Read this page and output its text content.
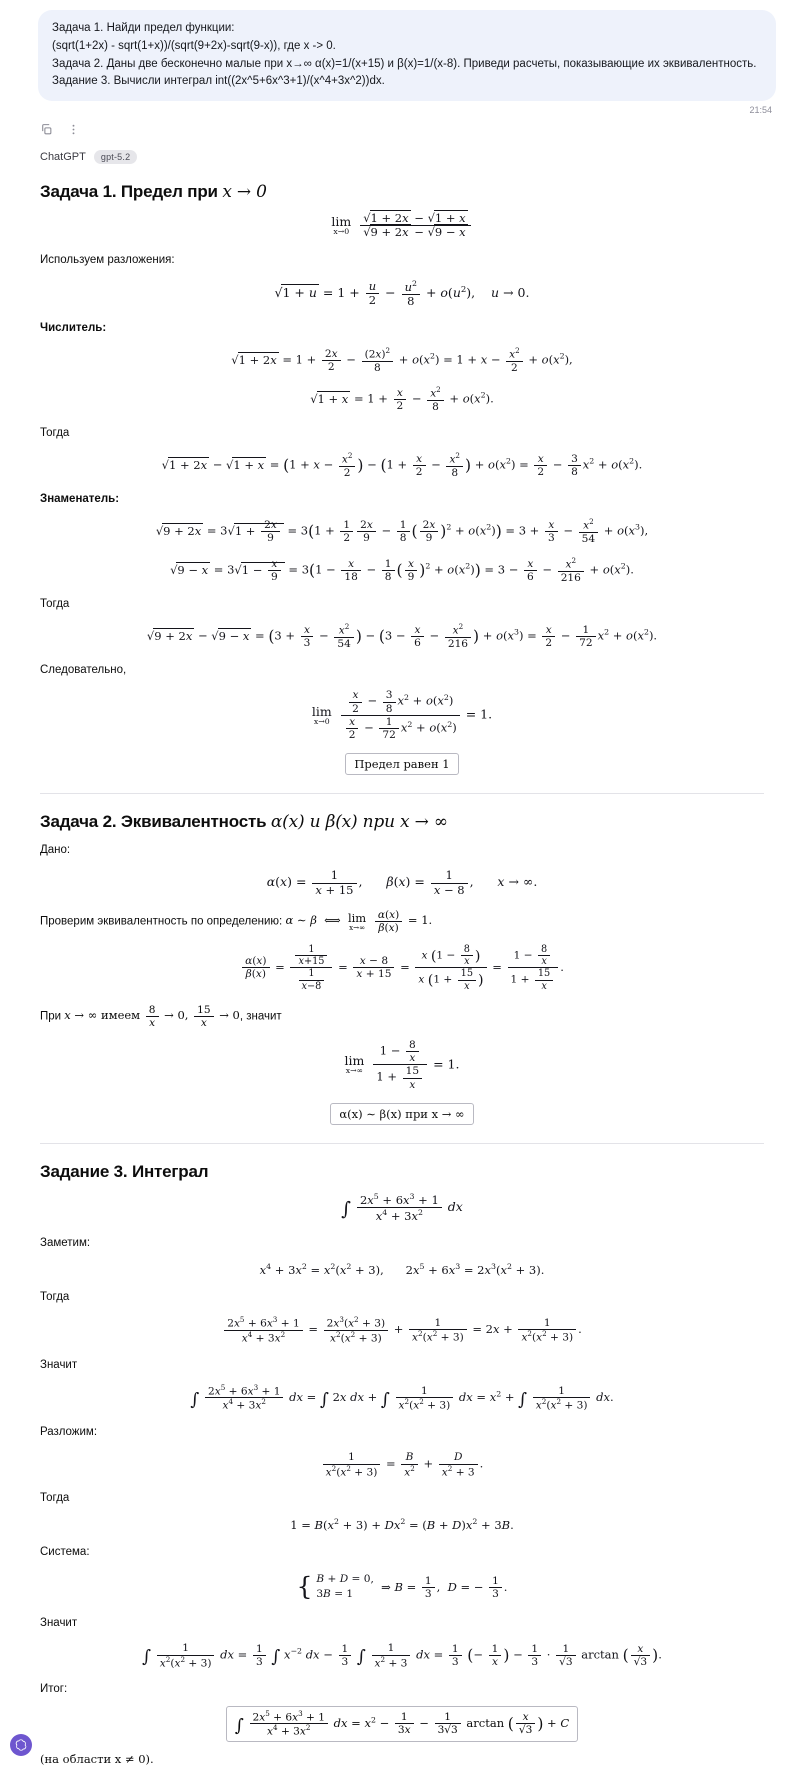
Задача 1. Найди предел функции:
(sqrt(1+2x) - sqrt(1+x))/(sqrt(9+2x)-sqrt(9-x)), где x -> 0.
Задача 2. Даны две бесконечно малые при x→∞ α(x)=1/(x+15) и β(x)=1/(x-8). Приведи расчеты, показывающие их эквивалентность.
Задание 3. Вычисли интеграл int((2x^5+6x^3+1)/(x^4+3x^2))dx.
21:54
ChatGPT	gpt-5.2
Задача 1. Предел при x → 0
lim
x→0
$\frac{√1 + 2x - √1 + x}{√9 + 2x - √9 - x}$
Используем разложения:
$√1 + u = 1 + \frac{u}{2} - \frac{u^2}{8} + o(u^2)$,    u → 0.
Числитель:
$√1 + 2x = 1 + \frac{2x}{2} - \frac{(2x)^2}{8} + o(x^2) = 1 + x - \frac{x^2}{2} + o(x^2)$,
$√1 + x = 1 + \frac{x}{2} - \frac{x^2}{8} + o(x^2)$.
Тогда
$√1 + 2x - √1 + x = (1 + x - \frac{x^2}{2}$ ) − ($1 + \frac{x}{2} - \frac{x^2}{8}$ ) + $o(x^2) = \frac{x}{2} - \frac{3}{8} x^2 + o(x^2)$.
Знаменатель:
$√9 + 2x = 3√1 + \frac{2x}{9} = 3(1 + \frac{1}{2} \frac{2x}{9} - \frac{1}{8}$ ( $\frac{2x}{9} )^2 + o(x^2)) = 3 + \frac{x}{3} - \frac{x^2}{54} + o(x^3)$,
$√9 - x = 3√1 - \frac{x}{9} = 3(1 - \frac{x}{18} - \frac{1}{8}$ ( $\frac{x}{9} )^2 + o(x^2)) = 3 - \frac{x}{6} - \frac{x^2}{216} + o(x^2)$.
Тогда
$√9 + 2x - √9 - x = (3 + \frac{x}{3} - \frac{x^2}{54}$ ) − ($3 - \frac{x}{6} - \frac{x^2}{216}$ ) + $o(x^3) = \frac{x}{2} - \frac{1}{72} x^2 + o(x^2)$.
Следовательно,
lim
x→0
$\frac{\frac{x}{2} - \frac{3}{8} x^2 + o(x^2)}{\frac{x}{2} - \frac{1}{72} x^2 + o(x^2)} = 1$.
Предел равен 1
Задача 2. Эквивалентность α(x) и β(x) при x → ∞
Дано:
$\alpha(x) = \frac{1}{x + 15}$ ,      $\beta(x) = \frac{1}{x - 8}$ ,      x → ∞.
Проверим эквивалентность по определению: α ∼ β  ⟺ lim
x→∞
$\frac{\alpha(x)}{\beta(x)} = 1$.
$\frac{\alpha(x)}{\beta(x)} = \frac{\frac{1}{x+15}}{\frac{1}{x-8}} = \frac{x - 8}{x + 15} = \frac{x (1 - \frac{8}{x} )}{x (1 + \frac{15}{x} )} = \frac{1 - \frac{8}{x}}{1 + \frac{15}{x}}$ .
При x → ∞ имеем $\frac{8}{x} \to 0$, $\frac{15}{x} \to 0$, значит
lim
x→∞
$\frac{1 - \frac{8}{x}}{1 + \frac{15}{x}} = 1$.
α(x) ∼ β(x) при x → ∞
Задание 3. Интеграл
∫ $\frac{2x^5 + 6x^3 + 1}{x^4 + 3x^2}$ dx
Заметим:
$x^4 + 3x^2 = x^2(x^2 + 3)$,      $2x^5 + 6x^3 = 2x^3(x^2 + 3)$.
Тогда
$\frac{2x^5 + 6x^3 + 1}{x^4 + 3x^2} = \frac{2x^3(x^2 + 3)}{x^2(x^2 + 3)} + \frac{1}{x^2(x^2 + 3)} = 2x + \frac{1}{x^2(x^2 + 3)}$ .
Значит
∫ $\frac{2x^5 + 6x^3 + 1}{x^4 + 3x^2}$ dx = ∫ 2x dx + ∫ $\frac{1}{x^2(x^2 + 3)}$ dx = $x^2$ + ∫ $\frac{1}{x^2(x^2 + 3)}$ dx.
Разложим:
$\frac{1}{x^2(x^2 + 3)} = \frac{B}{x^2} + \frac{D}{x^2 + 3}$ .
Тогда
$1 = B(x^2 + 3) + Dx^2 = (B + D)x^2 + 3B$.
Система:
{ B + D = 0,
3B = 1
⇒ $B = \frac{1}{3}$ ,  D = − $\frac{1}{3}$ .
Значит
∫ $\frac{1}{x^2(x^2 + 3)}$ dx = $\frac{1}{3}$ ∫ $x^{-2}$ dx − $\frac{1}{3}$ ∫ $\frac{1}{x^2 + 3}$ dx = $\frac{1}{3}$ (− $\frac{1}{x}$ ) − $\frac{1}{3} \cdot \frac{1}{√3}$ arctan ( $\frac{x}{√3}$ ).
Итог:
∫ $\frac{2x^5 + 6x^3 + 1}{x^4 + 3x^2}$ dx = $x^2 - \frac{1}{3x} - \frac{1}{3√3}$ arctan ( $\frac{x}{√3}$ ) + C
(на области x ≠ 0).
